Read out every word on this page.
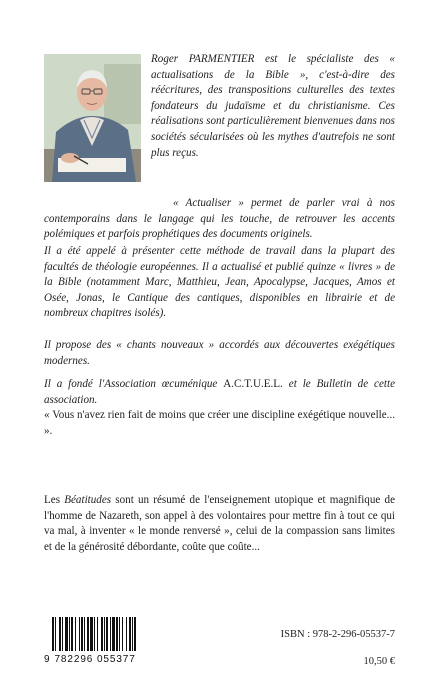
Roger PARMENTIER est le spécialiste des « actualisations de la Bible », c'est-à-dire des réécritures, des transpositions culturelles des textes fondateurs du judaïsme et du christianisme. Ces réalisations sont particulièrement bienvenues dans nos sociétés sécularisées où les mythes d'autrefois ne sont plus reçus.
« Actualiser » permet de parler vrai à nos contemporains dans le langage qui les touche, de retrouver les accents polémiques et parfois prophétiques des documents originels.
Il a été appelé à présenter cette méthode de travail dans la plupart des facultés de théologie européennes. Il a actualisé et publié quinze « livres » de la Bible (notamment Marc, Matthieu, Jean, Apocalypse, Jacques, Amos et Osée, Jonas, le Cantique des cantiques, disponibles en librairie et de nombreux chapitres isolés).
Il propose des « chants nouveaux » accordés aux découvertes exégétiques modernes.
Il a fondé l'Association œcuménique A.C.T.U.E.L. et le Bulletin de cette association.
« Vous n'avez rien fait de moins que créer une discipline exégétique nouvelle... ».
Les Béatitudes sont un résumé de l'enseignement utopique et magnifique de l'homme de Nazareth, son appel à des volontaires pour mettre fin à tout ce qui va mal, à inventer « le monde renversé », celui de la compassion sans limites et de la générosité débordante, coûte que coûte...
9 782296 055377
ISBN : 978-2-296-05537-7
10,50 €
